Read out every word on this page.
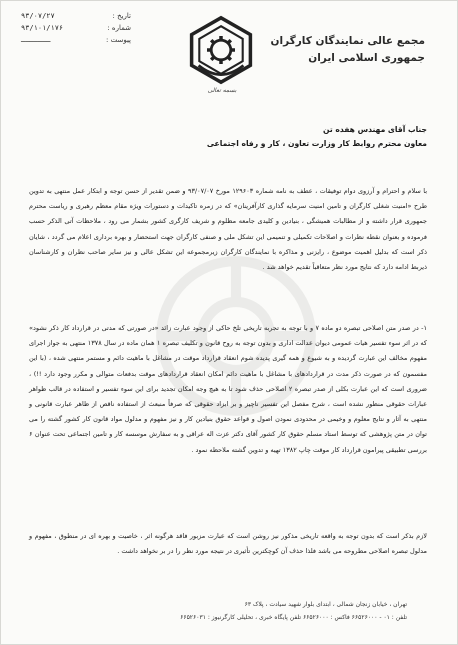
۹۳/۰۷/۲۷	تاریخ :
۹۳/۱۰۱/۱۷۶	شماره :
ـــــــ	پیوست :
بسمه تعالی
مجمع عالی نمایندگان کارگران
جمهوری اسلامی ایران
جناب آقای مهندس هفده تن
معاون محترم روابط کار وزارت تعاون ، کار و رفاه اجتماعی
با سلام و احترام و آرزوی دوام توفیقات ، عطف به نامه شماره ۱۲۹۶۰۳ مورخ ۹۳/۰۷/۰۷ و ضمن تقدیر از حسن توجه و ابتکار عمل منتهی به تدوین طرح «امنیت شغلی کارگران و تامین امنیت سرمایه گذاری کارآفرینان» که در زمره تاکیدات و دستورات ویژه مقام معظم رهبری و ریاست محترم جمهوری قرار داشته و از مطالبات همیشگی ، بنیادین و کلیدی جامعه مظلوم و شریف کارگری کشور بشمار می رود ، ملاحظات آتی الذکر حسب فرموده و بعنوان نقطه نظرات و اصلاحات تکمیلی و تنمیمی این تشکل ملی و صنفی کارگران جهت استحضار و بهره برداری اعلام می گردد ، شایان ذکر است که بدلیل اهمیت موضوع ، رایزنی و مذاکره با نمایندگان کارگران زیرمجموعه این تشکل عالی و نیز سایر صاحب نظران و کارشناسان ذیربط ادامه دارد که نتایج مورد نظر متعاقباً تقدیم خواهد شد .
۱- در صدر متن اصلاحی تبصره دو ماده ۷ و با توجه به تجربه تاریخی تلخ حاکی از وجود عبارت زائد «در صورتی که مدتی در قرارداد کار ذکر نشود» که در اثر سوء تفسیر هیات عمومی دیوان عدالت اداری و بدون توجه به روح قانون و تکلیف تبصره ۱ همان ماده در سال ۱۳۷۸ منتهی به جواز اجرای مفهوم مخالف این عبارت گردیده و به شیوع و همه گیری پدیده شوم انعقاد قرارداد موقت در مشاغل با ماهیت دائم و مستمر منتهی شده ، (با این مفسمون که در صورت ذکر مدت در قراردادهای با مشاغل با ماهیت دائم امکان انعقاد قراردادهای موقت بدفعات متوالی و مکرر وجود دارد !!) ، ضروری است که این عبارت بکلی از صدر تبصره ۲ اصلاحی حذف شود تا به هیچ وجه امکان تجدید برای این سوء تفسیر و استفاده در قالب ظواهر عبارات حقوقی منظور نشده است ، شرح مفصل این تفسیر ناچیز و بر ابزاد حقوقی که صرفاً منبعث از استفاده ناقص از ظاهر عبارت قانونی و منتهی به آثار و نتایج معلوم و وخیمی در محدودی نمودن اصول و قواعد حقوق بنیادین کار و نیز مفهوم و مدلول مواد قانون کار کشور گشته را می توان در متن پژوهشی که توسط استاد مسلم حقوق کار کشور آقای دکتر عزت اله عراقی و به سفارش موسسه کار و تامین اجتماعی تحت عنوان ۶ بررسی تطبیقی پیرامون قرارداد کار موقت چاپ ۱۳۸۲ تهیه و تدوین گشته ملاحظه نمود .
لازم بذکر است که بدون توجه به واقعه تاریخی مذکور نیز روشن است که عبارت مزبور فاقد هرگونه اثر ، خاصیت و بهره ای در منطوق ، مفهوم و مدلول تبصره اصلاحی مطروحه می باشد فلذا حذف آن کوچکترین تأثیری در نتیجه مورد نظر را در بر نخواهد داشت .
تهران ، خیابان زنجان شمالی ، ابتدای بلوار شهید سیادت ، پلاک ۶۳
تلفن : ۰۱ - ۶۶۵۲۶۰۰۰ فاکس : ۶۶۵۲۶۰۰۰ تلفن پایگاه خبری ، تحلیلی کارگرنیوز : ۶۶۵۲۶۰۳۱
